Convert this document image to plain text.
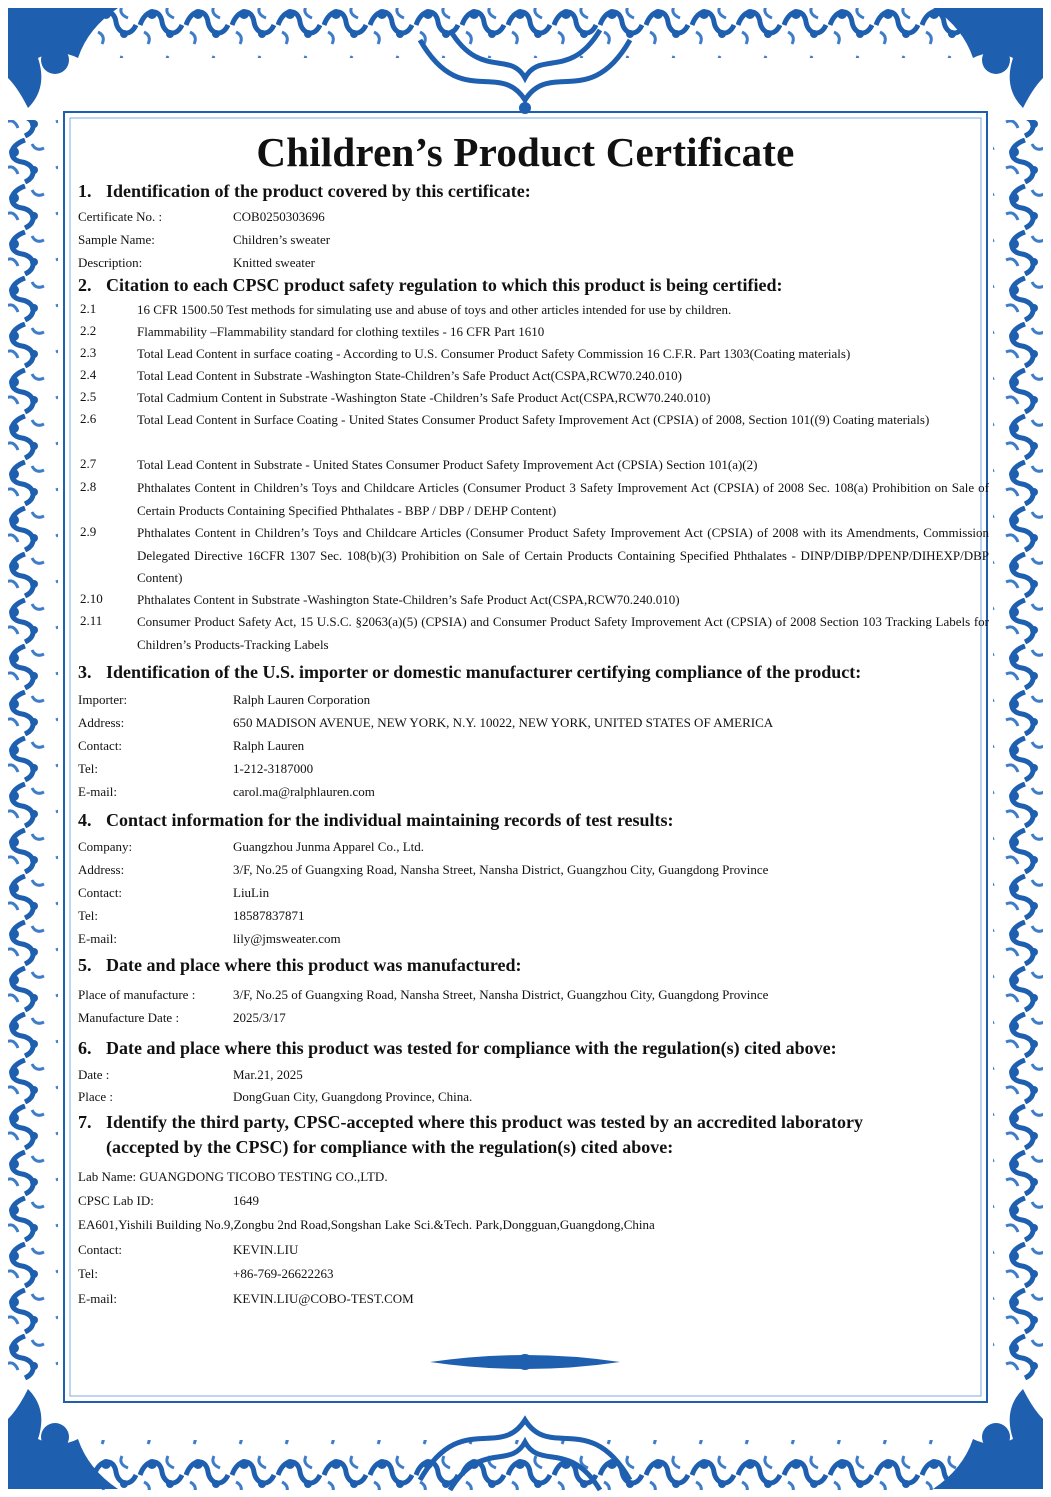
Children’s Product Certificate
1. Identification of the product covered by this certificate:
Certificate No. :	COB0250303696
Sample Name:	Children’s sweater
Description:	Knitted sweater
2. Citation to each CPSC product safety regulation to which this product is being certified:
2.1	16 CFR 1500.50 Test methods for simulating use and abuse of toys and other articles intended for use by children.
2.2	Flammability –Flammability standard for clothing textiles - 16 CFR Part 1610
2.3	Total Lead Content in surface coating - According to U.S. Consumer Product Safety Commission 16 C.F.R. Part 1303(Coating materials)
2.4	Total Lead Content in Substrate -Washington State-Children’s Safe Product Act(CSPA,RCW70.240.010)
2.5	Total Cadmium Content in Substrate -Washington State -Children’s Safe Product Act(CSPA,RCW70.240.010)
2.6	Total Lead Content in Surface Coating - United States Consumer Product Safety Improvement Act (CPSIA) of 2008, Section 101((9) Coating materials)
2.7	Total Lead Content in Substrate - United States Consumer Product Safety Improvement Act (CPSIA) Section 101(a)(2)
2.8	Phthalates Content in Children’s Toys and Childcare Articles (Consumer Product 3 Safety Improvement Act (CPSIA) of 2008 Sec. 108(a) Prohibition on Sale of Certain Products Containing Specified Phthalates - BBP / DBP / DEHP Content)
2.9	Phthalates Content in Children’s Toys and Childcare Articles (Consumer Product Safety Improvement Act (CPSIA) of 2008 with its Amendments, Commission Delegated Directive 16CFR 1307 Sec. 108(b)(3) Prohibition on Sale of Certain Products Containing Specified Phthalates - DINP/DIBP/DPENP/DIHEXP/DBP Content)
2.10	Phthalates Content in Substrate -Washington State-Children’s Safe Product Act(CSPA,RCW70.240.010)
2.11	Consumer Product Safety Act, 15 U.S.C. §2063(a)(5) (CPSIA) and Consumer Product Safety Improvement Act (CPSIA) of 2008 Section 103 Tracking Labels for Children’s Products-Tracking Labels
3. Identification of the U.S. importer or domestic manufacturer certifying compliance of the product:
Importer:	Ralph Lauren Corporation
Address:	650 MADISON AVENUE, NEW YORK, N.Y. 10022, NEW YORK, UNITED STATES OF AMERICA
Contact:	Ralph Lauren
Tel:	1-212-3187000
E-mail:	carol.ma@ralphlauren.com
4. Contact information for the individual maintaining records of test results:
Company:	Guangzhou Junma Apparel Co., Ltd.
Address:	3/F, No.25 of Guangxing Road, Nansha Street, Nansha District, Guangzhou City, Guangdong Province
Contact:	LiuLin
Tel:	18587837871
E-mail:	lily@jmsweater.com
5. Date and place where this product was manufactured:
Place of manufacture :	3/F, No.25 of Guangxing Road, Nansha Street, Nansha District, Guangzhou City, Guangdong Province
Manufacture Date :	2025/3/17
6. Date and place where this product was tested for compliance with the regulation(s) cited above:
Date :	Mar.21, 2025
Place :	DongGuan City, Guangdong Province, China.
7. Identify the third party, CPSC-accepted where this product was tested by an accredited laboratory
(accepted by the CPSC) for compliance with the regulation(s) cited above:
Lab Name: GUANGDONG TICOBO TESTING CO.,LTD.
CPSC Lab ID:	1649
EA601,Yishili Building No.9,Zongbu 2nd Road,Songshan Lake Sci.&Tech. Park,Dongguan,Guangdong,China
Contact:	KEVIN.LIU
Tel:	+86-769-26622263
E-mail:	KEVIN.LIU@COBO-TEST.COM
